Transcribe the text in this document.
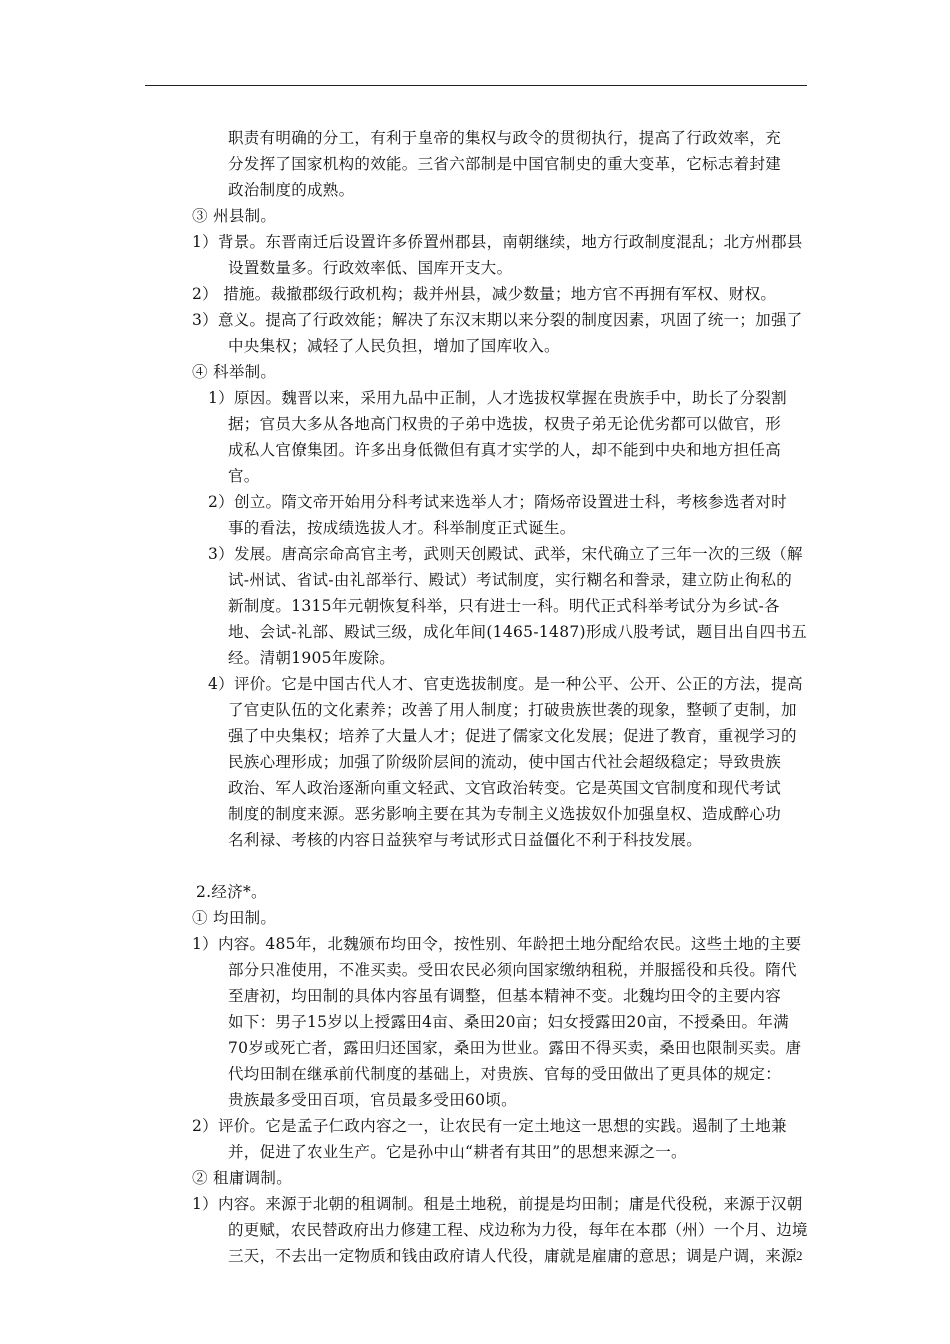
职责有明确的分工，有利于皇帝的集权与政令的贯彻执行，提高了行政效率，充
分发挥了国家机构的效能。三省六部制是中国官制史的重大变革，它标志着封建
政治制度的成熟。
③ 州县制。
1）背景。东晋南迁后设置许多侨置州郡县，南朝继续，地方行政制度混乱；北方州郡县
设置数量多。行政效率低、国库开支大。
2） 措施。裁撤郡级行政机构；裁并州县，减少数量；地方官不再拥有军权、财权。
3）意义。提高了行政效能；解决了东汉末期以来分裂的制度因素，巩固了统一；加强了
中央集权；减轻了人民负担，增加了国库收入。
④ 科举制。
1）原因。魏晋以来，采用九品中正制，人才选拔权掌握在贵族手中，助长了分裂割
据；官员大多从各地高门权贵的子弟中选拔，权贵子弟无论优劣都可以做官，形
成私人官僚集团。许多出身低微但有真才实学的人，却不能到中央和地方担任高
官。
2）创立。隋文帝开始用分科考试来选举人才；隋炀帝设置进士科，考核参选者对时
事的看法，按成绩选拔人才。科举制度正式诞生。
3）发展。唐高宗命高官主考，武则天创殿试、武举，宋代确立了三年一次的三级（解
试-州试、省试-由礼部举行、殿试）考试制度，实行糊名和誊录，建立防止徇私的
新制度。1315年元朝恢复科举，只有进士一科。明代正式科举考试分为乡试-各
地、会试-礼部、殿试三级，成化年间(1465-1487)形成八股考试，题目出自四书五
经。清朝1905年废除。
4）评价。它是中国古代人才、官吏选拔制度。是一种公平、公开、公正的方法，提高
了官吏队伍的文化素养；改善了用人制度；打破贵族世袭的现象，整顿了吏制，加
强了中央集权；培养了大量人才；促进了儒家文化发展；促进了教育，重视学习的
民族心理形成；加强了阶级阶层间的流动，使中国古代社会超级稳定；导致贵族
政治、军人政治逐渐向重文轻武、文官政治转变。它是英国文官制度和现代考试
制度的制度来源。恶劣影响主要在其为专制主义选拔奴仆加强皇权、造成醉心功
名利禄、考核的内容日益狭窄与考试形式日益僵化不利于科技发展。
2.经济*。
① 均田制。
1）内容。485年，北魏颁布均田令，按性别、年龄把土地分配给农民。这些土地的主要
部分只准使用，不准买卖。受田农民必须向国家缴纳租税，并服摇役和兵役。隋代
至唐初，均田制的具体内容虽有调整，但基本精神不变。北魏均田令的主要内容
如下：男子15岁以上授露田4亩、桑田20亩；妇女授露田20亩，不授桑田。年满
70岁或死亡者，露田归还国家，桑田为世业。露田不得买卖，桑田也限制买卖。唐
代均田制在继承前代制度的基础上，对贵族、官每的受田做出了更具体的规定：
贵族最多受田百项，官员最多受田60顷。
2）评价。它是孟子仁政内容之一，让农民有一定土地这一思想的实践。遏制了土地兼
并，促进了农业生产。它是孙中山“耕者有其田”的思想来源之一。
② 租庸调制。
1）内容。来源于北朝的租调制。租是土地税，前提是均田制；庸是代役税，来源于汉朝
的更赋，农民替政府出力修建工程、戍边称为力役，每年在本郡（州）一个月、边境
三天，不去出一定物质和钱由政府请人代役，庸就是雇庸的意思；调是户调，来源 2
